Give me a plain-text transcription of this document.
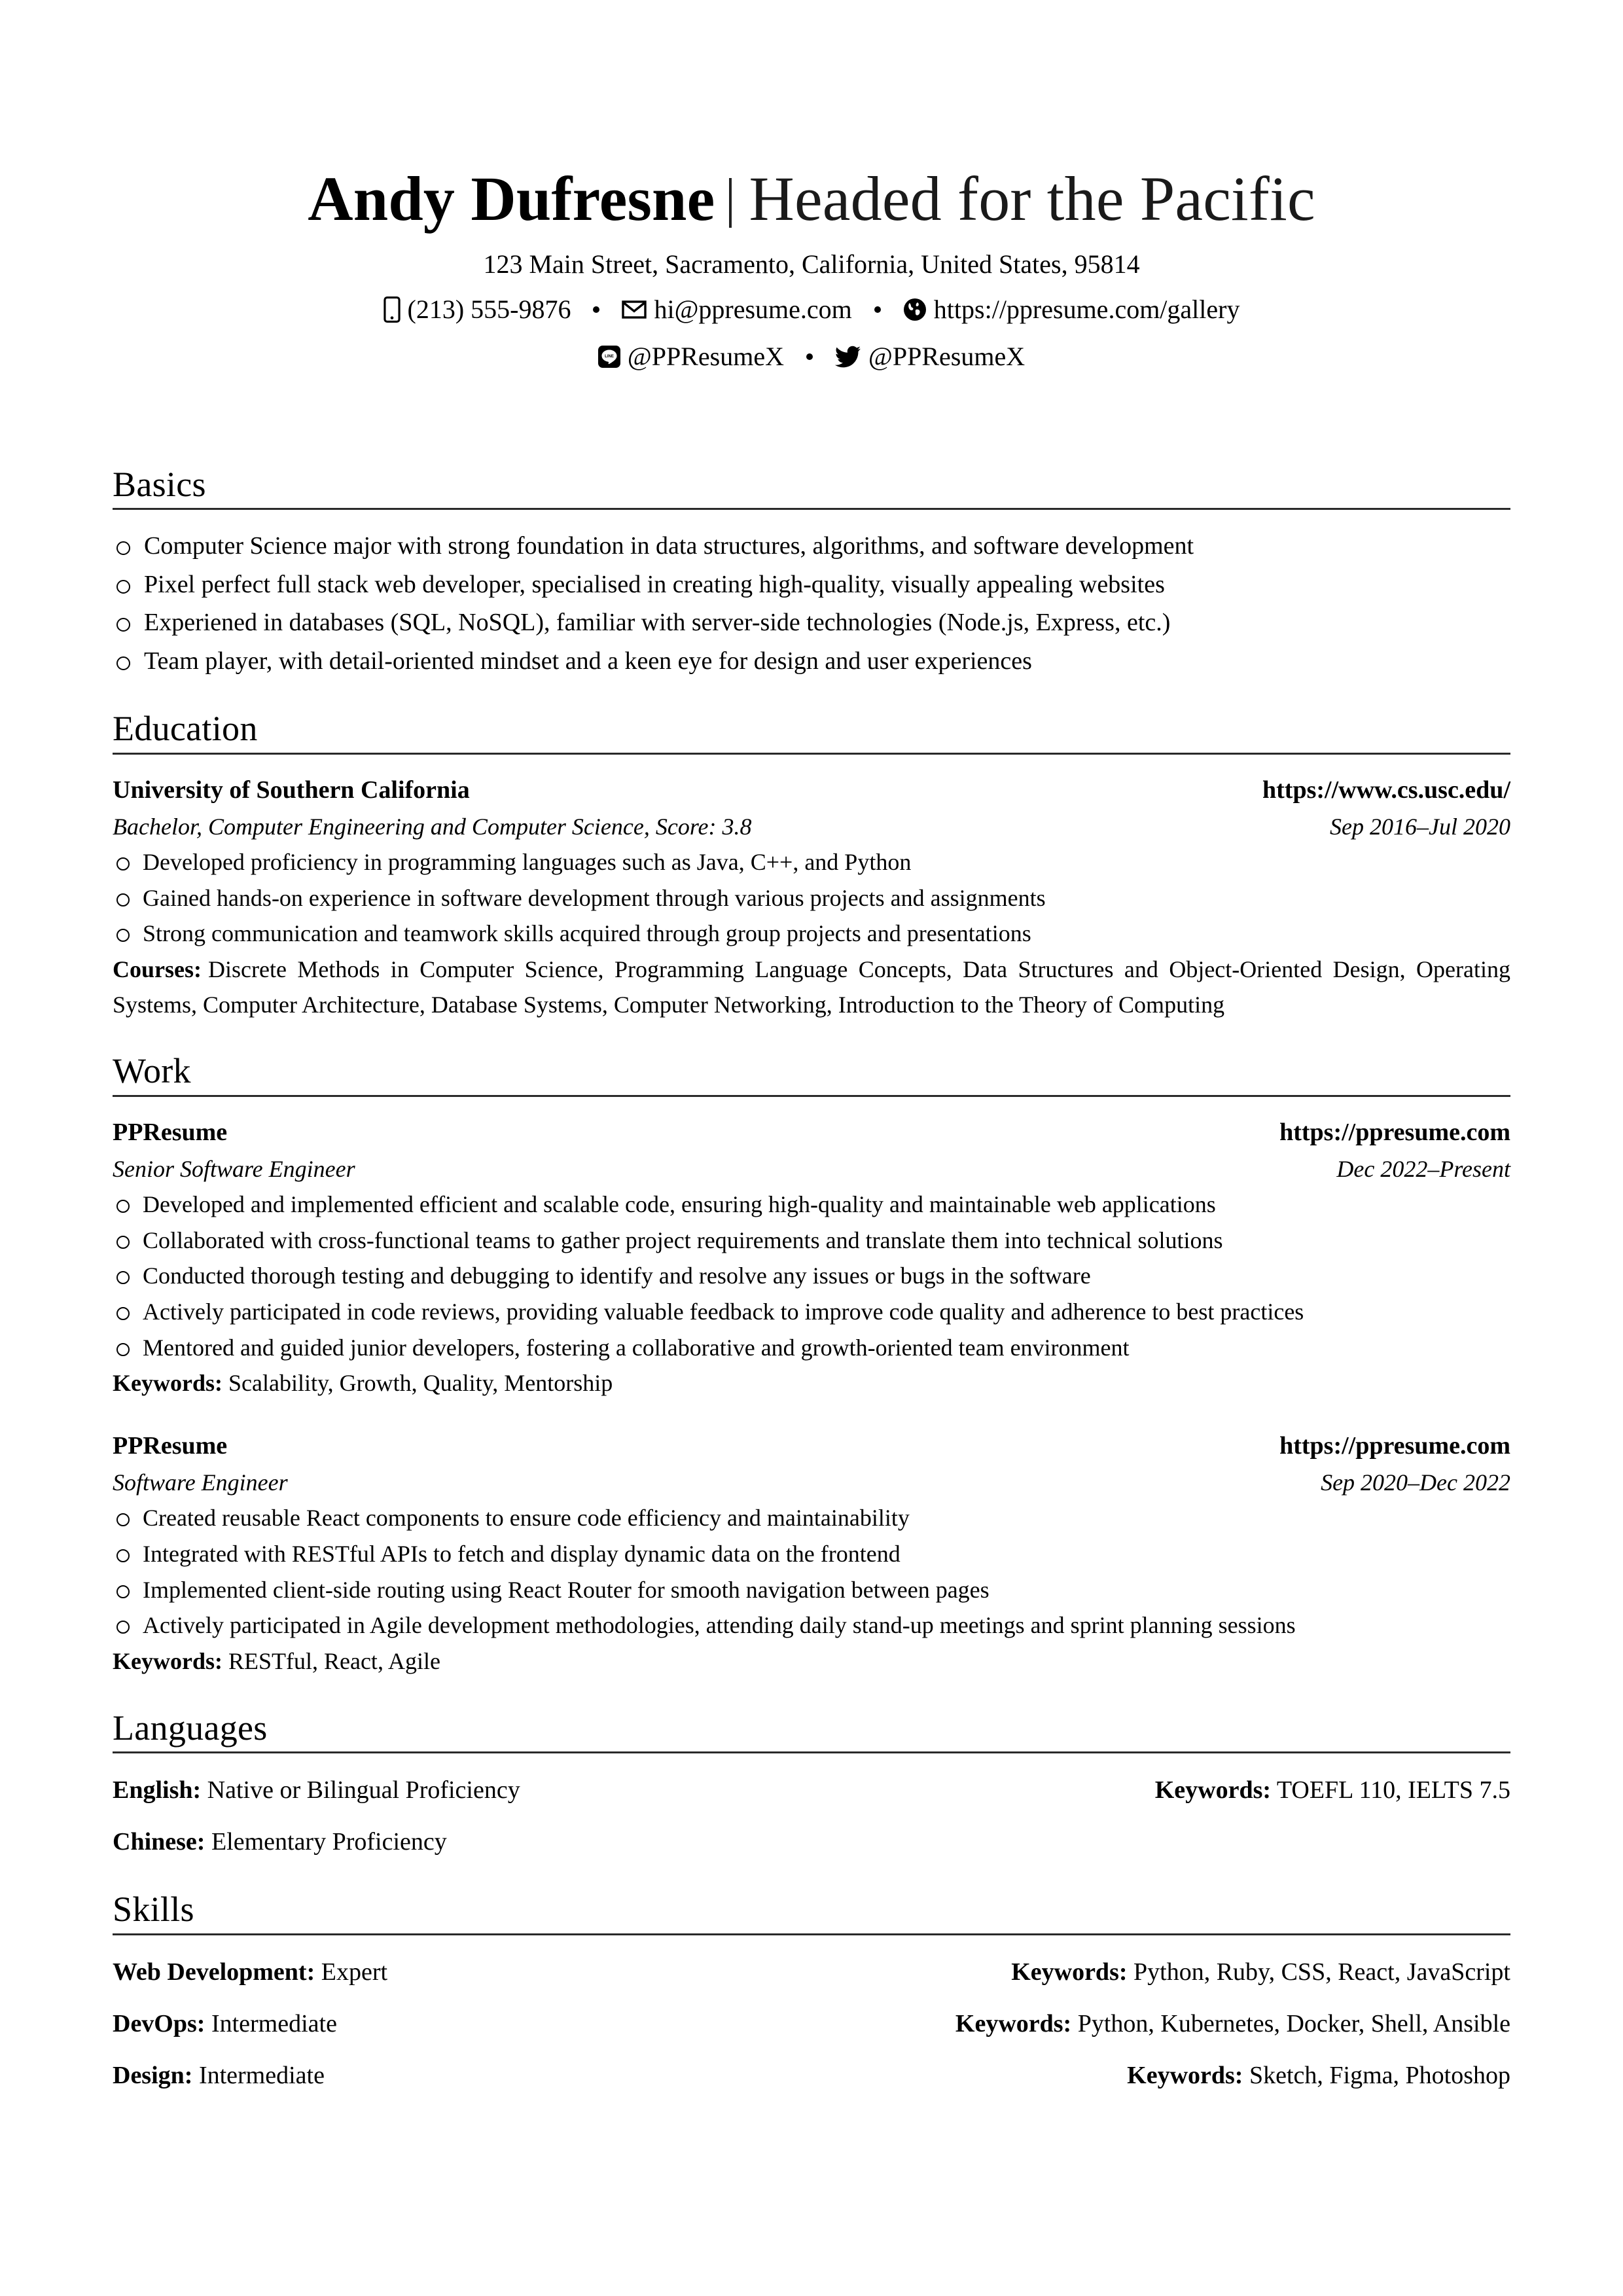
Andy Dufresne Headed for the Pacific
123 Main Street, Sacramento, California, United States, 95814
(213) 555-9876	hi@ppresume.com	https://ppresume.com/gallery
LINE @PPResumeX	@PPResumeX
Basics
Computer Science major with strong foundation in data structures, algorithms, and software development
Pixel perfect full stack web developer, specialised in creating high-quality, visually appealing websites
Experiened in databases (SQL, NoSQL), familiar with server-side technologies (Node.js, Express, etc.)
Team player, with detail-oriented mindset and a keen eye for design and user experiences
Education
University of Southern California	https://www.cs.usc.edu/
Bachelor, Computer Engineering and Computer Science, Score: 3.8	Sep 2016–Jul 2020
Developed proficiency in programming languages such as Java, C++, and Python
Gained hands-on experience in software development through various projects and assignments
Strong communication and teamwork skills acquired through group projects and presentations
Courses: Discrete Methods in Computer Science, Programming Language Concepts, Data Structures and Object-Oriented Design, Operating Systems, Computer Architecture, Database Systems, Computer Networking, Introduction to the Theory of Computing
Work
PPResume	https://ppresume.com
Senior Software Engineer	Dec 2022–Present
Developed and implemented efficient and scalable code, ensuring high-quality and maintainable web applications
Collaborated with cross-functional teams to gather project requirements and translate them into technical solutions
Conducted thorough testing and debugging to identify and resolve any issues or bugs in the software
Actively participated in code reviews, providing valuable feedback to improve code quality and adherence to best practices
Mentored and guided junior developers, fostering a collaborative and growth-oriented team environment
Keywords: Scalability, Growth, Quality, Mentorship
PPResume	https://ppresume.com
Software Engineer	Sep 2020–Dec 2022
Created reusable React components to ensure code efficiency and maintainability
Integrated with RESTful APIs to fetch and display dynamic data on the frontend
Implemented client-side routing using React Router for smooth navigation between pages
Actively participated in Agile development methodologies, attending daily stand-up meetings and sprint planning sessions
Keywords: RESTful, React, Agile
Languages
English: Native or Bilingual Proficiency	Keywords: TOEFL 110, IELTS 7.5
Chinese: Elementary Proficiency
Skills
Web Development: Expert	Keywords: Python, Ruby, CSS, React, JavaScript
DevOps: Intermediate	Keywords: Python, Kubernetes, Docker, Shell, Ansible
Design: Intermediate	Keywords: Sketch, Figma, Photoshop
